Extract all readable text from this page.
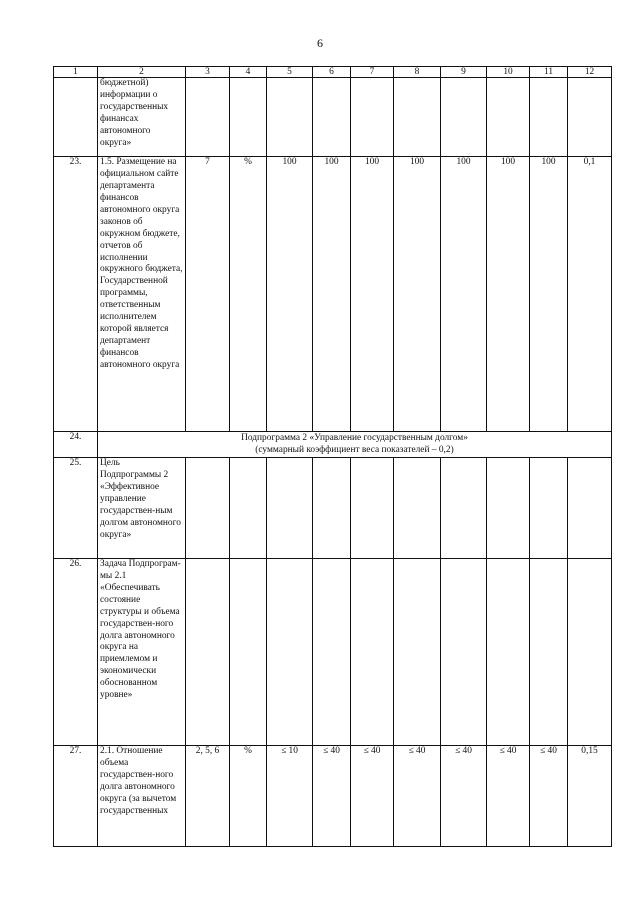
6
1	2	3	4	5	6	7	8	9	10	11	12
	бюджетной) информации о государственных финансах автономного округа»										
23.	1.5. Размещение на официальном сайте департамента финансов автономного округа законов об окружном бюджете, отчетов об исполнении окружного бюджета, Государственной программы, ответственным исполнителем которой является департамент финансов автономного округа	7	%	100	100	100	100	100	100	100	0,1
24.	Подпрограмма 2 «Управление государственным долгом»
(суммарный коэффициент веса показателей – 0,2)										

25.	Цель Подпрограммы 2 «Эффективное управление государствен-ным долгом автономного округа»										
26.	Задача Подпрограм-мы 2.1 «Обеспечивать состояние структуры и объема государствен-ного долга автономного округа на приемлемом и экономически обоснованном уровне»										
27.	2.1. Отношение объема государствен-ного долга автономного округа (за вычетом государственных	2, 5, 6	%	≤ 10	≤ 40	≤ 40	≤ 40	≤ 40	≤ 40	≤ 40	0,15
